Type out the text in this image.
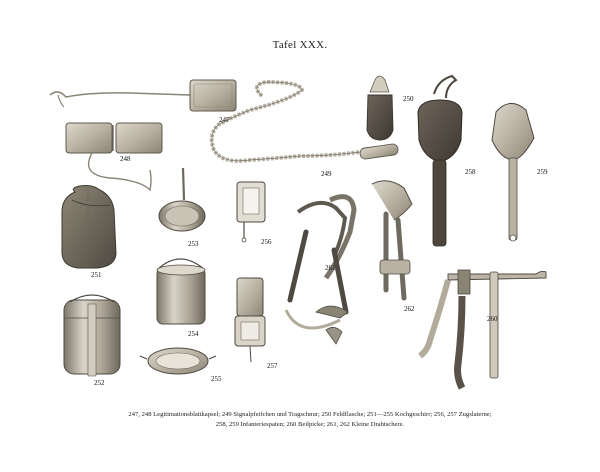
Tafel XXX.
247
248
249
250
251
252
253
254
255
256
257
258	259
260
261
262
247, 248 Legitimationsblattkapsel; 249 Signalpfeifchen und Tragschnur; 250 Feldflasche; 251—255 Kochgeschirr; 256, 257 Zugslaterne;
258, 259 Infanteriespaten; 260 Beilpicke; 261, 262 Kleine Drahtschere.
